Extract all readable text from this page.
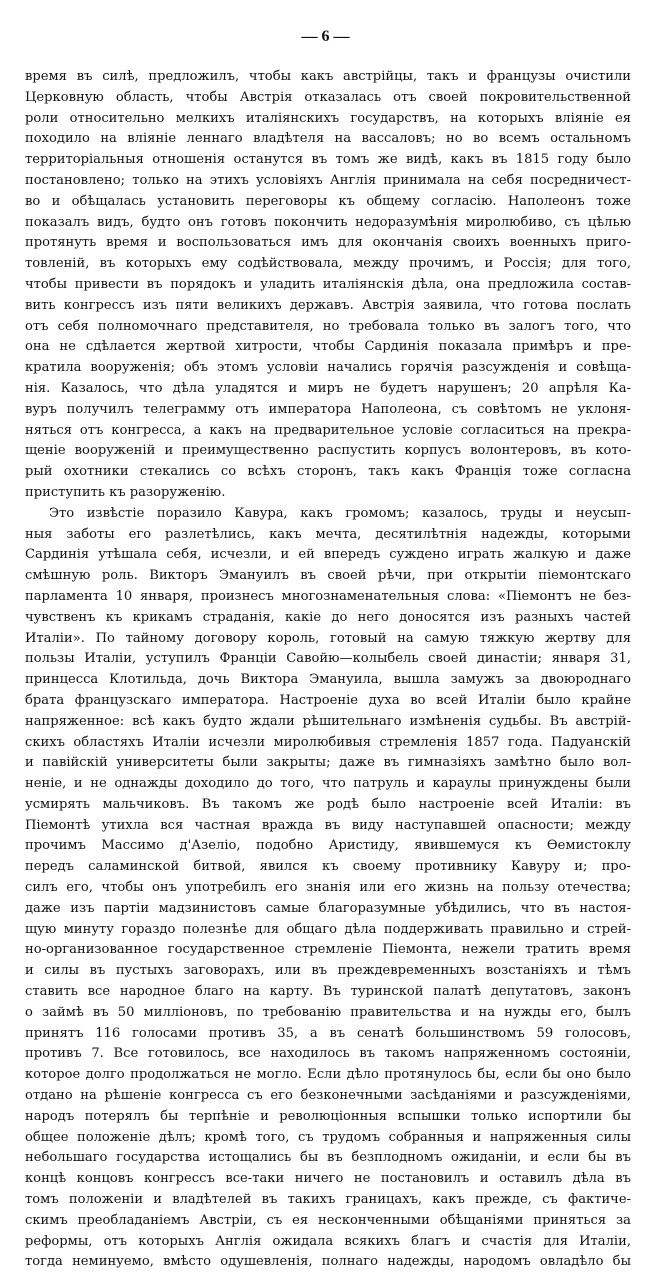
— 6 —
время въ силѣ, предложилъ, чтобы какъ австрійцы, такъ и французы очистили
Церковную область, чтобы Австрія отказалась отъ своей покровительственной
роли относительно мелкихъ италіянскихъ государствъ, на которыхъ вліяніе ея
походило на вліяніе леннаго владѣтеля на вассаловъ; но во всемъ остальномъ
территоріальныя отношенія останутся въ томъ же видѣ, какъ въ 1815 году было
постановлено; только на этихъ условіяхъ Англія принимала на себя посредничест-
во и обѣщалась установить переговоры къ общему согласію. Наполеонъ тоже
показалъ видъ, будто онъ готовъ покончить недоразумѣнія миролюбиво, съ цѣлью
протянуть время и воспользоваться имъ для окончанія своихъ военныхъ приго-
товленій, въ которыхъ ему содѣйствовала, между прочимъ, и Россія; для того,
чтобы привести въ порядокъ и уладить италіянскія дѣла, она предложила состав-
вить конгрессъ изъ пяти великихъ державъ. Австрія заявила, что готова послать
отъ себя полномочнаго представителя, но требовала только въ залогъ того, что
она не сдѣлается жертвой хитрости, чтобы Сардинія показала примѣръ и пре-
кратила вооруженія; объ этомъ условіи начались горячія разсужденія и совѣща-
нія. Казалось, что дѣла уладятся и миръ не будетъ нарушенъ; 20 апрѣля Ка-
вуръ получилъ телеграмму отъ императора Наполеона, съ совѣтомъ не уклоня-
няться отъ конгресса, а какъ на предварительное условіе согласиться на прекра-
щеніе вооруженій и преимущественно распустить корпусъ волонтеровъ, въ кото-
рый охотники стекались со всѣхъ сторонъ, такъ какъ Франція тоже согласна
приступить къ разоруженію.
Это извѣстіе поразило Кавура, какъ громомъ; казалось, труды и неусып-
ныя заботы его разлетѣлись, какъ мечта, десятилѣтнія надежды, которыми
Сардинія утѣшала себя, исчезли, и ей впередъ суждено играть жалкую и даже
смѣшную роль. Викторъ Эмануилъ въ своей рѣчи, при открытіи піемонтскаго
парламента 10 января, произнесъ многознаменательныя слова: «Піемонтъ не без-
чувственъ къ крикамъ страданія, какіе до него доносятся изъ разныхъ частей
Италіи». По тайному договору король, готовый на самую тяжкую жертву для
пользы Италіи, уступилъ Франціи Савойю—колыбель своей династіи; января 31,
принцесса Клотильда, дочь Виктора Эмануила, вышла замужъ за двоюроднаго
брата французскаго императора. Настроеніе духа во всей Италіи было крайне
напряженное: всѣ какъ будто ждали рѣшительнаго измѣненія судьбы. Въ австрій-
скихъ областяхъ Италіи исчезли миролюбивыя стремленія 1857 года. Падуанскій
и павійскій университеты были закрыты; даже въ гимназіяхъ замѣтно было вол-
неніе, и не однажды доходило до того, что патруль и караулы принуждены были
усмирять мальчиковъ. Въ такомъ же родѣ было настроеніе всей Италіи: въ
Піемонтѣ утихла вся частная вражда въ виду наступавшей опасности; между
прочимъ Массимо д'Азеліо, подобно Аристиду, явившемуся къ Ѳемистоклу
передъ саламинской битвой, явился къ своему противнику Кавуру и; про-
силъ его, чтобы онъ употребилъ его знанія или его жизнь на пользу отечества;
даже изъ партіи мадзинистовъ самые благоразумные убѣдились, что въ настоя-
щую минуту гораздо полезнѣе для общаго дѣла поддерживать правильно и стрей-
но-организованное государственное стремленіе Піемонта, нежели тратить время
и силы въ пустыхъ заговорахъ, или въ преждевременныхъ возстаніяхъ и тѣмъ
ставить все народное благо на карту. Въ туринской палатѣ депутатовъ, законъ
о займѣ въ 50 милліоновъ, по требованію правительства и на нужды его, былъ
принятъ 116 голосами противъ 35, а въ сенатѣ большинствомъ 59 голосовъ,
противъ 7. Все готовилось, все находилось въ такомъ напряженномъ состояніи,
которое долго продолжаться не могло. Если дѣло протянулось бы, если бы оно было
отдано на рѣшеніе конгресса съ его безконечными засѣданіями и разсужденіями,
народъ потерялъ бы терпѣніе и революціонныя вспышки только испортили бы
общее положеніе дѣлъ; кромѣ того, съ трудомъ собранныя и напряженныя силы
небольшаго государства истощались бы въ безплодномъ ожиданіи, и если бы въ
концѣ концовъ конгрессъ все-таки ничего не постановилъ и оставилъ дѣла въ
томъ положеніи и владѣтелей въ такихъ границахъ, какъ прежде, съ фактиче-
скимъ преобладаніемъ Австріи, съ ея несконченными обѣщаніями приняться за
реформы, отъ которыхъ Англія ожидала всякихъ благъ и счастія для Италіи,
тогда неминуемо, вмѣсто одушевленія, полнаго надежды, народомъ овладѣло бы
